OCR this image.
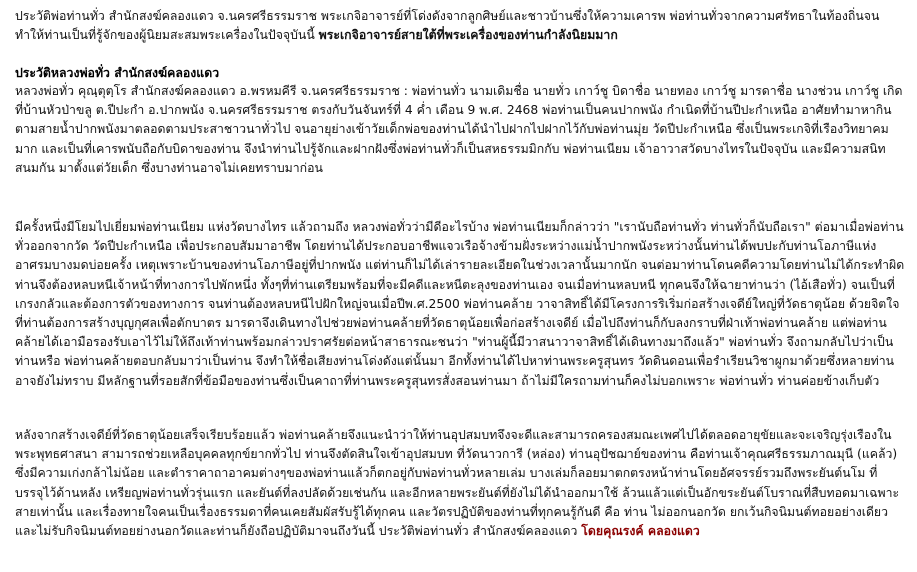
ประวัติพ่อท่านทั่ว สำนักสงฆ์คลองแดว จ.นครศรีธรรมราช พระเกจิอาจารย์ที่โด่งดังจากลูกศิษย์และชาวบ้านซึ่งให้ความเคารพ พ่อท่านทั่วจากความศรัทธาในท้องถิ่นจนทำให้ท่านเป็นที่รู้จักของผู้นิยมสะสมพระเครื่องในปัจจุบันนี้ พระเกจิอาจารย์สายใต้ที่พระเครื่องของท่านกำลังนิยมมาก

ประวัติหลวงพ่อทั่ว สำนักสงฆ์คลองแดว

หลวงพ่อทั่ว คุณฺตุตฺโร สำนักสงฆ์คลองแดว อ.พรหมคีรี จ.นครศรีธรรมราช : พ่อท่านทั่ว นามเดิมชื่อ นายทั่ว เกาว์ชู บิดาชื่อ นายทอง เกาว์ชู มารดาชื่อ นางช่วน เกาว์ชู เกิดที่บ้านหัวป่าขลู ต.ปีปะกำ อ.ปากพนัง จ.นครศรีธรรมราช ตรงกับวันจันทร์ที่ 4 ค่ำ เดือน 9 พ.ศ. 2468 พ่อท่านเป็นคนปากพนัง กำเนิดที่บ้านปีปะกำเหนือ อาศัยทำมาหากินตามสายน้ำปากพนังมาตลอดตามประสาชาวนาทั่วไป จนอายุย่างเข้าวัยเด็กพ่อของท่านได้นำไปฝากไปฝากไว้กับพ่อท่านมุ่ย วัดปีปะกำเหนือ ซึ่งเป็นพระเกจิที่เรืองวิทยาคมมาก และเป็นที่เคารพนับถือกับบิดาของท่าน จึงนำท่านไปรู้จักและฝากฝังซึ่งพ่อท่านทั่วก็เป็นสหธรรมมิกกับ พ่อท่านเนียม เจ้าอาวาสวัดบางไทรในปัจจุบัน และมีความสนิทสนมกัน มาตั้งแต่วัยเด็ก ซึ่งบางท่านอาจไม่เคยทราบมาก่อน

มีครั้งหนึ่งมีโยมไปเยี่ยมพ่อท่านเนียม แห่งวัดบางไทร แล้วถามถึง หลวงพ่อทั่วว่ามีดีอะไรบ้าง พ่อท่านเนียมก็กล่าวว่า "เรานับถือท่านทั่ว ท่านทั่วก็นับถือเรา" ต่อมาเมื่อพ่อท่านทั่วออกจากวัด วัดปีปะกำเหนือ เพื่อประกอบสัมมาอาชีพ โดยท่านได้ประกอบอาชีพแจวเรือจ้างข้ามฝั่งระหว่างแม่น้ำปากพนังระหว่างนั้นท่านได้พบปะกับท่านโอภาษีแห่งอาศรมบางมดบ่อยครั้ง เหตุเพราะบ้านของท่านโอภาษีอยู่ที่ปากพนัง แต่ท่านก็ไม่ได้เล่ารายละเอียดในช่วงเวลานั้นมากนัก จนต่อมาท่านโดนคดีความโดยท่านไม่ได้กระทำผิด ท่านจึงต้องหลบหนีเจ้าหน้าที่ทางการไปพักหนึ่ง ทั้งๆที่ท่านเตรียมพร้อมที่จะมีคดีและหนีตะลุงของท่านเอง จนเมื่อท่านหลบหนี ทุกคนจึงให้ฉายาท่านว่า (ไอ้เสือทั่ว) จนเป็นที่เกรงกลัวและต้องการตัวของทางการ จนท่านต้องหลบหนีไปฝักใหญ่จนเมื่อปีพ.ศ.2500 พ่อท่านคล้าย วาจาสิทธิ์ได้มีโครงการริเริ่มก่อสร้างเจดีย์ใหญ่ที่วัดธาตุน้อย ด้วยจิตใจที่ท่านต้องการสร้างบุญกุศลเพื่อตักบาตร มารดาจึงเดินทางไปช่วยพ่อท่านคล้ายที่วัดธาตุน้อยเพื่อก่อสร้างเจดีย์ เมื่อไปถึงท่านก็กับลงกราบที่ฝ่าเท้าพ่อท่านคล้าย แต่พ่อท่านคล้ายได้เอามือรองรับเอาไว้ไม่ให้ถึงเท้าท่านพร้อมกล่าวปราศรัยต่อหน้าสาธารณะชนว่า "ท่านผู้นี้มีวาสนาวาจาสิทธิ์ได้เดินทางมาถึงแล้ว" พ่อท่านทั่ว จึงถามกลับไปว่าเป็นท่านหรือ พ่อท่านคล้ายตอบกลับมาว่าเป็นท่าน จึงทำให้ชื่อเสียงท่านโด่งดังแต่นั้นมา อีกทั้งท่านได้ไปหาท่านพระครูสุนทร วัดดินดอนเพื่อรำเรียนวิชาผูกมาด้วยซึ่งหลายท่านอาจยังไม่ทราบ มีหลักฐานที่รอยสักที่ข้อมือของท่านซึ่งเป็นคาถาที่ท่านพระครูสุนทรสั่งสอนท่านมา ถ้าไม่มีใครถามท่านก็คงไม่บอกเพราะ พ่อท่านทั่ว ท่านค่อยข้างเก็บตัว

หลังจากสร้างเจดีย์ที่วัดธาตุน้อยเสร็จเรียบร้อยแล้ว พ่อท่านคล้ายจึงแนะนำว่าให้ท่านอุปสมบทจึงจะดีและสามารถครองสมณะเพศไปได้ตลอดอายุขัยและจะเจริญรุ่งเรืองในพระพุทธศาสนา สามารถช่วยเหลือบุคคลทุกข์ยากทั่วไป ท่านจึงตัดสินใจเข้าอุปสมบท ที่วัดนาวการี (หล่อง) ท่านอุปัชฌาย์ของท่าน คือท่านเจ้าคุณศรีธรรมภาณมุนี (แคล้ว) ซึ่งมีความเก่งกล้าไม่น้อย และตำราคาถาอาคมต่างๆของพ่อท่านแล้วก็ตกอยู่กับพ่อท่านทั่วหลายเล่ม บางเล่มก็ลอยมาตกตรงหน้าท่านโดยอัศจรรย์รวมถึงพระยันต์นโม ที่บรรจุไว้ด้านหลัง เหรียญพ่อท่านทั่วรุ่นแรก และยันต์ที่ลงปลัดด้วยเช่นกัน และอีกหลายพระยันต์ที่ยังไม่ได้นำออกมาใช้ ล้วนแล้วแต่เป็นอักขระยันต์โบราณที่สืบทอดมาเฉพาะสายเท่านั้น และเรื่องทายใจคนเป็นเรื่องธรรมดาที่คนเคยสัมผัสรับรู้ได้ทุกคน และวัตรปฏิบัติของท่านที่ทุกคนรู้กันดี คือ ท่าน ไม่ออกนอกวัด ยกเว้นกิจนิมนต์ทอยอย่างเดียวและไม่รับกิจนิมนต์ทอยย่างนอกวัดและท่านก็ยังถือปฏิบัติมาจนถึงวันนี้ ประวัติพ่อท่านทั่ว สำนักสงฆ์คลองแดว โดยคุณรงค์ คลองแดว
